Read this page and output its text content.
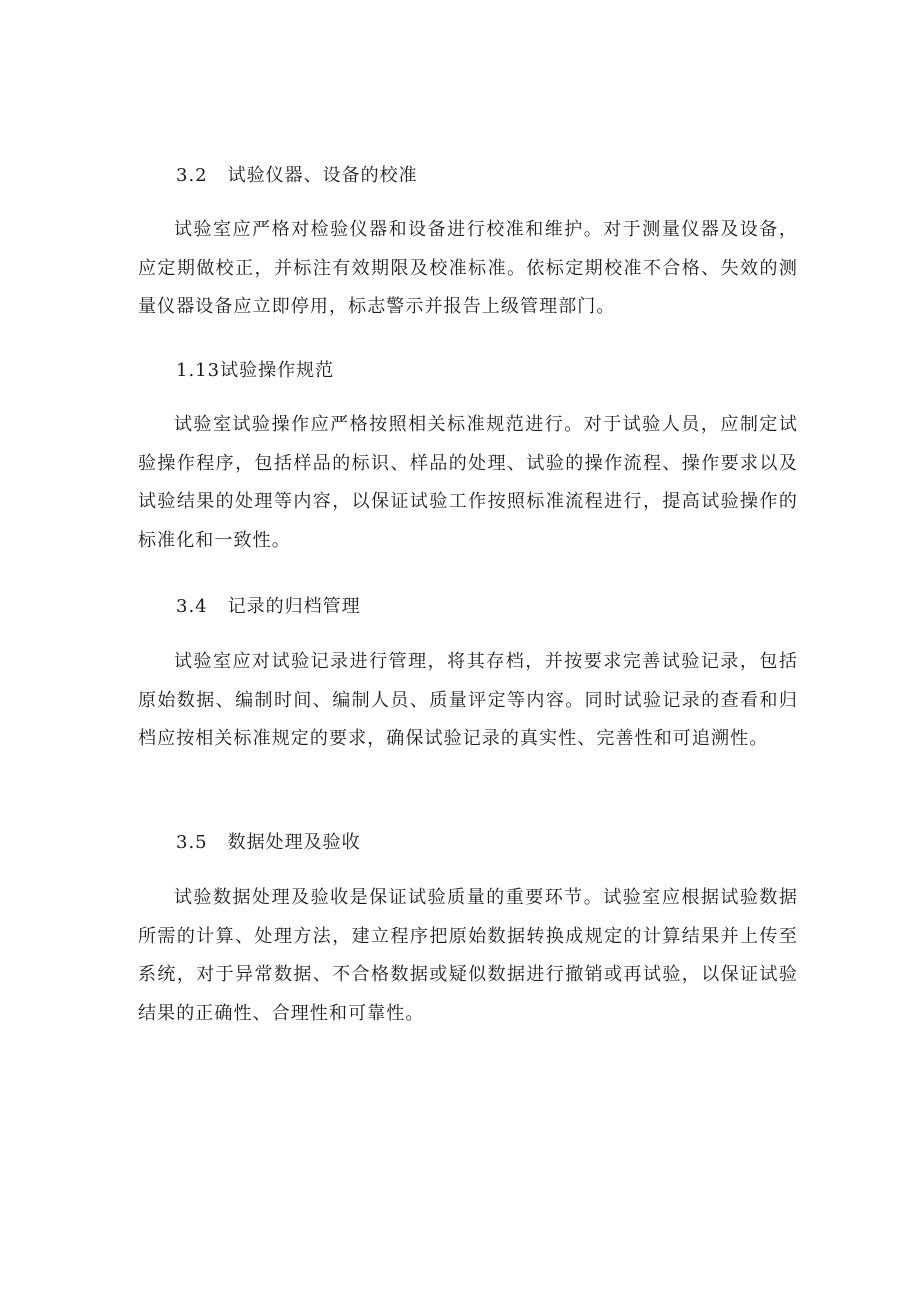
3.2 试验仪器、设备的校准

试验室应严格对检验仪器和设备进行校准和维护。对于测量仪器及设备，应定期做校正，并标注有效期限及校准标准。依标定期校准不合格、失效的测量仪器设备应立即停用，标志警示并报告上级管理部门。

1.13试验操作规范

试验室试验操作应严格按照相关标准规范进行。对于试验人员，应制定试验操作程序，包括样品的标识、样品的处理、试验的操作流程、操作要求以及试验结果的处理等内容，以保证试验工作按照标准流程进行，提高试验操作的标准化和一致性。

3.4 记录的归档管理

试验室应对试验记录进行管理，将其存档，并按要求完善试验记录，包括原始数据、编制时间、编制人员、质量评定等内容。同时试验记录的查看和归档应按相关标准规定的要求，确保试验记录的真实性、完善性和可追溯性。

3.5 数据处理及验收

试验数据处理及验收是保证试验质量的重要环节。试验室应根据试验数据所需的计算、处理方法，建立程序把原始数据转换成规定的计算结果并上传至系统，对于异常数据、不合格数据或疑似数据进行撤销或再试验，以保证试验结果的正确性、合理性和可靠性。
